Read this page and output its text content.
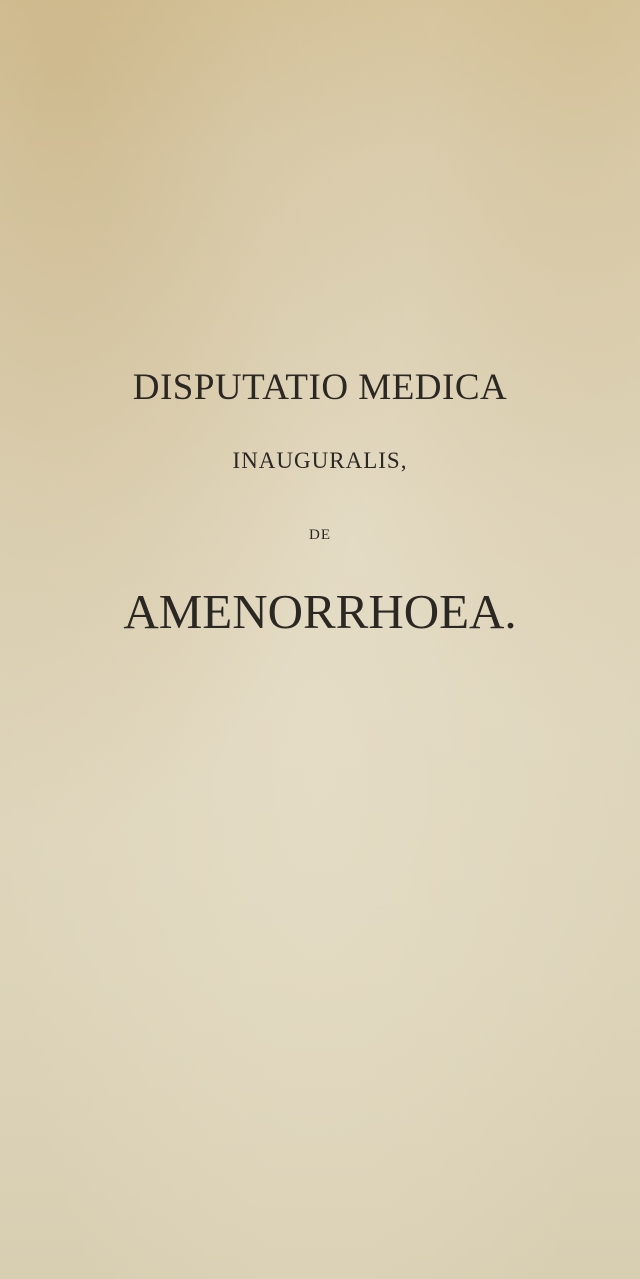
DISPUTATIO MEDICA

INAUGURALIS,

DE

AMENORRHOEA.
